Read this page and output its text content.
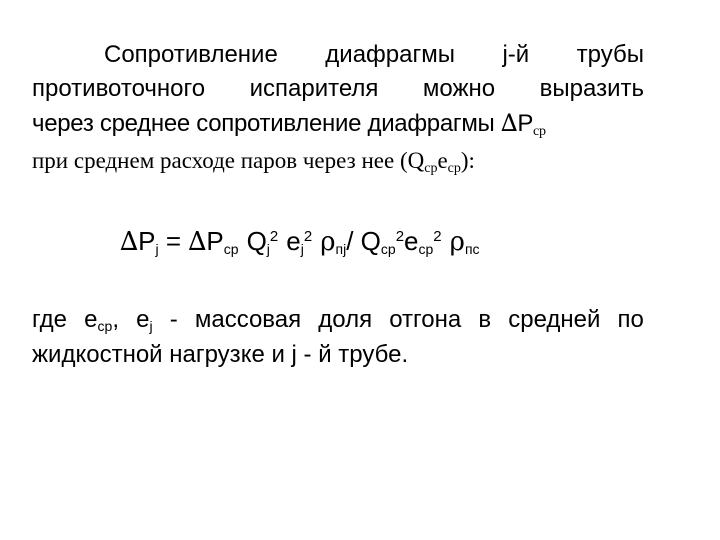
Сопротивление диафрагмы j-й трубы
противоточного испарителя можно выразить
через среднее сопротивление диафрагмы $\Delta P_{ср}$
при среднем расходе паров через нее $(Q_{ср}e_{ср})$:
$\Delta P_j = \Delta P_{ср}$ $Q_j^2$ $e_j^2$ $\rho_{пj}/$ $Q_{ср}^2e_{ср}^2$ $\rho_{пс}$
где $e_{ср}$, $e_j$ - массовая доля отгона в средней по
жидкостной нагрузке и j - й трубе.
